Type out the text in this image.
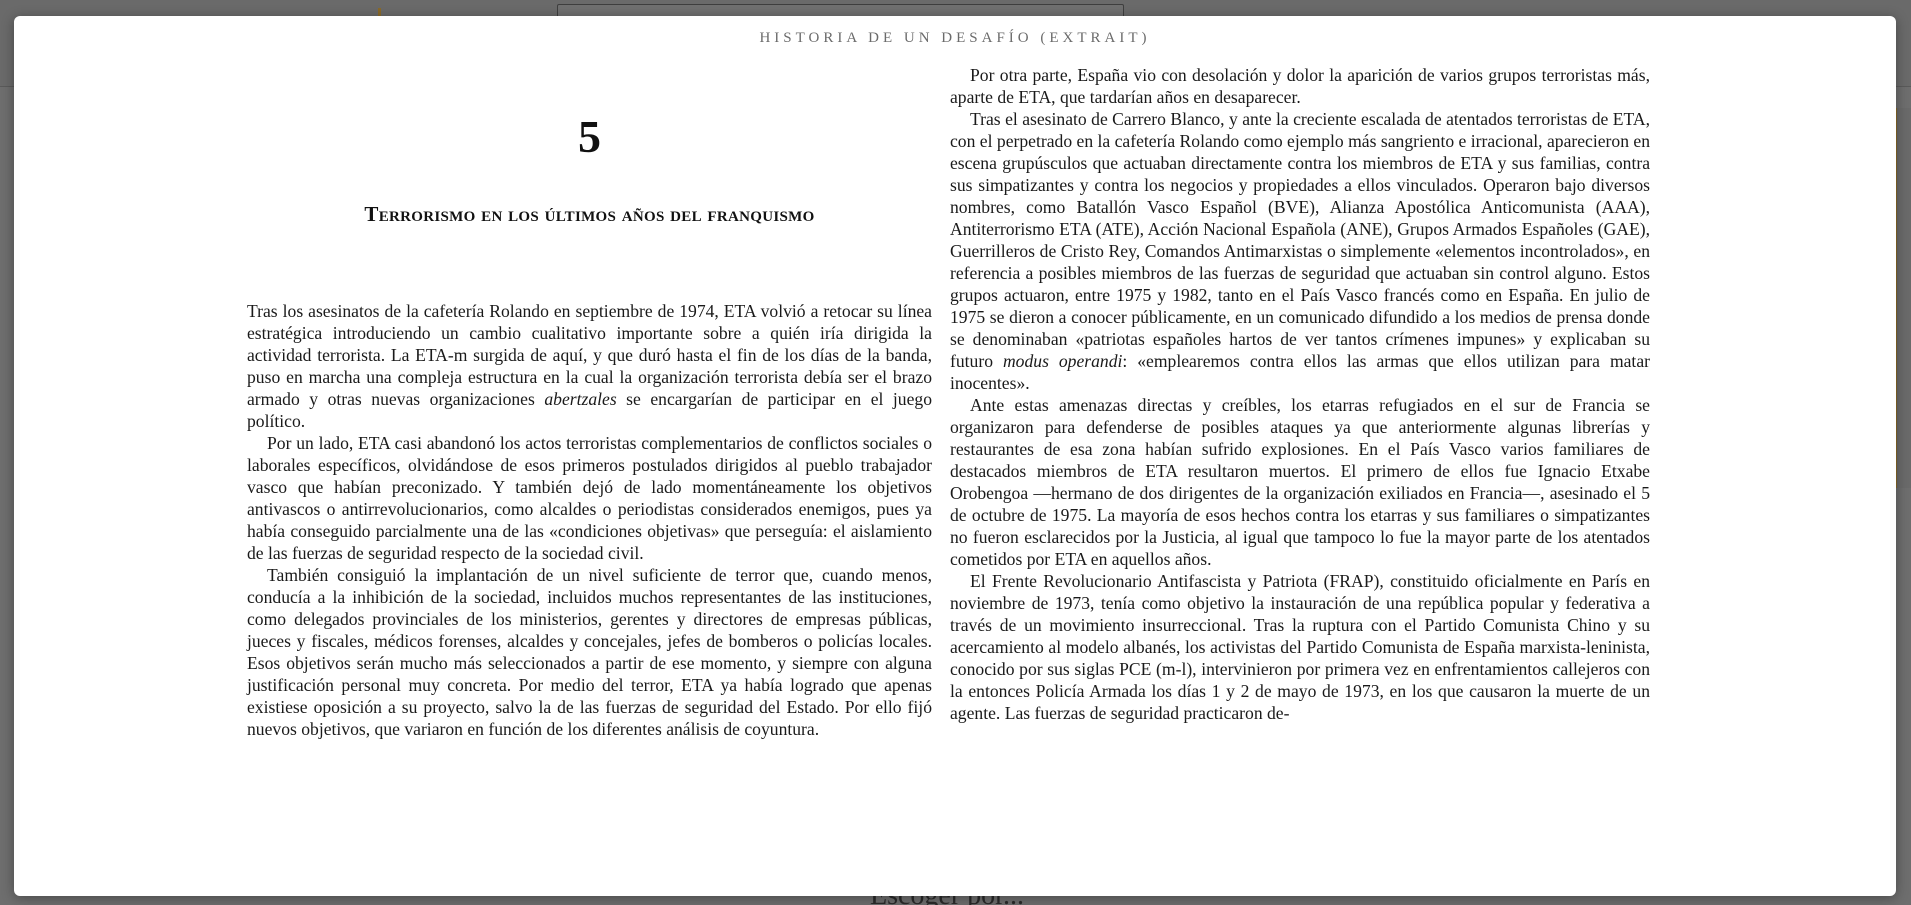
HISTORIA DE UN DESAFÍO (EXTRAIT)
5
Terrorismo en los últimos años del franquismo

Tras los asesinatos de la cafetería Rolando en septiembre de 1974, ETA volvió a retocar su línea estratégica introduciendo un cambio cualitativo importante sobre a quién iría dirigida la actividad terrorista. La ETA-m surgida de aquí, y que duró hasta el fin de los días de la banda, puso en marcha una compleja estructura en la cual la organización terrorista debía ser el brazo armado y otras nuevas organizaciones abertzales se encargarían de participar en el juego político.

Por un lado, ETA casi abandonó los actos terroristas complementarios de conflictos sociales o laborales específicos, olvidándose de esos primeros postulados dirigidos al pueblo trabajador vasco que habían preconizado. Y también dejó de lado momentáneamente los objetivos antivascos o antirrevolucionarios, como alcaldes o periodistas considerados enemigos, pues ya había conseguido parcialmente una de las «condiciones objetivas» que perseguía: el aislamiento de las fuerzas de seguridad respecto de la sociedad civil.

También consiguió la implantación de un nivel suficiente de terror que, cuando menos, conducía a la inhibición de la sociedad, incluidos muchos representantes de las instituciones, como delegados provinciales de los ministerios, gerentes y directores de empresas públicas, jueces y fiscales, médicos forenses, alcaldes y concejales, jefes de bomberos o policías locales. Esos objetivos serán mucho más seleccionados a partir de ese momento, y siempre con alguna justificación personal muy concreta. Por medio del terror, ETA ya había logrado que apenas existiese oposición a su proyecto, salvo la de las fuerzas de seguridad del Estado. Por ello fijó nuevos objetivos, que variaron en función de los diferentes análisis de coyuntura.

Por otra parte, España vio con desolación y dolor la aparición de varios grupos terroristas más, aparte de ETA, que tardarían años en desaparecer.

Tras el asesinato de Carrero Blanco, y ante la creciente escalada de atentados terroristas de ETA, con el perpetrado en la cafetería Rolando como ejemplo más sangriento e irracional, aparecieron en escena grupúsculos que actuaban directamente contra los miembros de ETA y sus familias, contra sus simpatizantes y contra los negocios y propiedades a ellos vinculados. Operaron bajo diversos nombres, como Batallón Vasco Español (BVE), Alianza Apostólica Anticomunista (AAA), Antiterrorismo ETA (ATE), Acción Nacional Española (ANE), Grupos Armados Españoles (GAE), Guerrilleros de Cristo Rey, Comandos Antimarxistas o simplemente «elementos incontrolados», en referencia a posibles miembros de las fuerzas de seguridad que actuaban sin control alguno. Estos grupos actuaron, entre 1975 y 1982, tanto en el País Vasco francés como en España. En julio de 1975 se dieron a conocer públicamente, en un comunicado difundido a los medios de prensa donde se denominaban «patriotas españoles hartos de ver tantos crímenes impunes» y explicaban su futuro modus operandi: «emplearemos contra ellos las armas que ellos utilizan para matar inocentes».

Ante estas amenazas directas y creíbles, los etarras refugiados en el sur de Francia se organizaron para defenderse de posibles ataques ya que anteriormente algunas librerías y restaurantes de esa zona habían sufrido explosiones. En el País Vasco varios familiares de destacados miembros de ETA resultaron muertos. El primero de ellos fue Ignacio Etxabe Orobengoa —hermano de dos dirigentes de la organización exiliados en Francia—, asesinado el 5 de octubre de 1975. La mayoría de esos hechos contra los etarras y sus familiares o simpatizantes no fueron esclarecidos por la Justicia, al igual que tampoco lo fue la mayor parte de los atentados cometidos por ETA en aquellos años.

El Frente Revolucionario Antifascista y Patriota (FRAP), constituido oficialmente en París en noviembre de 1973, tenía como objetivo la instauración de una república popular y federativa a través de un movimiento insurreccional. Tras la ruptura con el Partido Comunista Chino y su acercamiento al modelo albanés, los activistas del Partido Comunista de España marxista-leninista, conocido por sus siglas PCE (m-l), intervinieron por primera vez en enfrentamientos callejeros con la entonces Policía Armada los días 1 y 2 de mayo de 1973, en los que causaron la muerte de un agente. Las fuerzas de seguridad practicaron de-
